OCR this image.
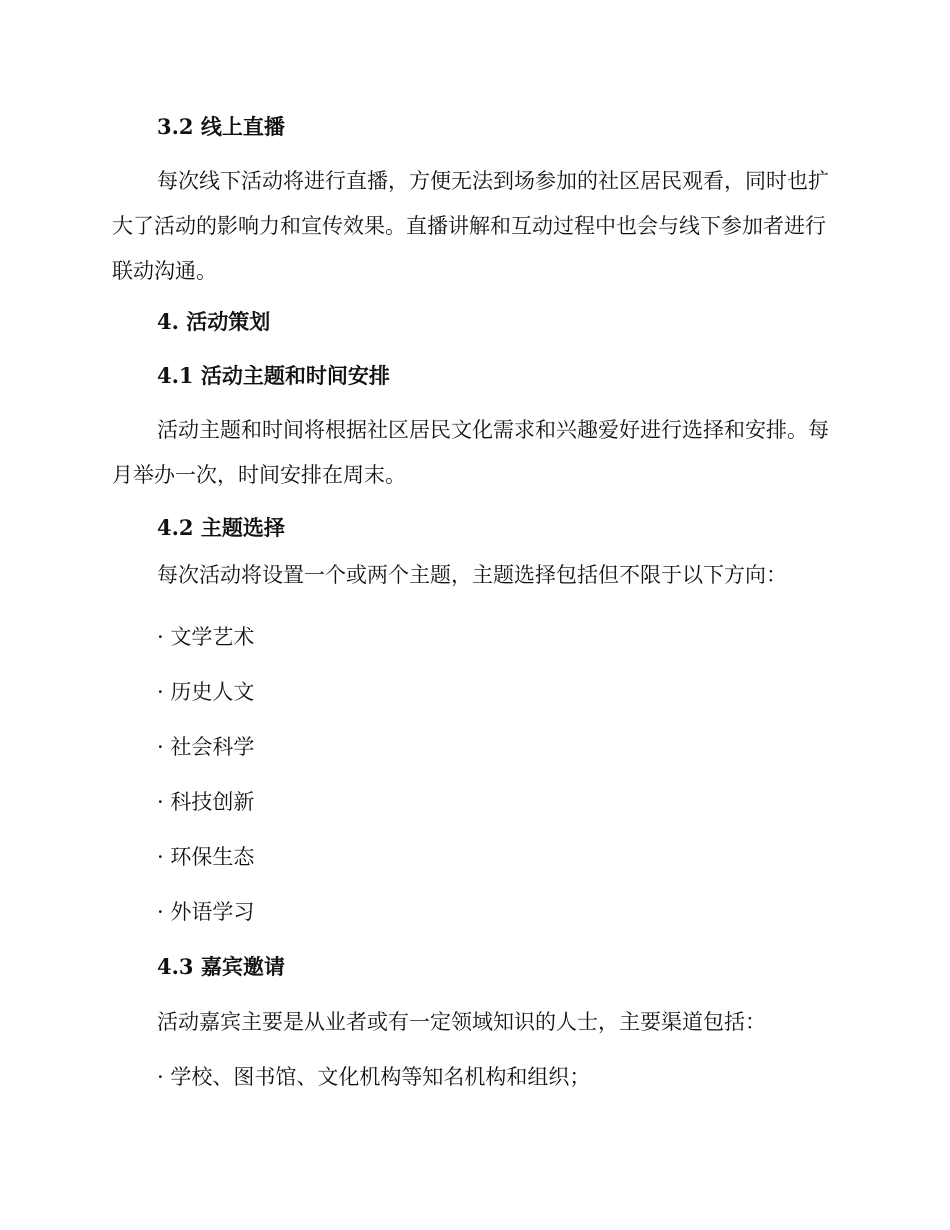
3.2 线上直播

每次线下活动将进行直播，方便无法到场参加的社区居民观看，同时也扩大了活动的影响力和宣传效果。直播讲解和互动过程中也会与线下参加者进行联动沟通。

4. 活动策划
4.1 活动主题和时间安排

活动主题和时间将根据社区居民文化需求和兴趣爱好进行选择和安排。每月举办一次，时间安排在周末。

4.2 主题选择
每次活动将设置一个或两个主题，主题选择包括但不限于以下方向：
· 文学艺术
· 历史人文
· 社会科学
· 科技创新
· 环保生态
· 外语学习
4.3 嘉宾邀请
活动嘉宾主要是从业者或有一定领域知识的人士，主要渠道包括：
· 学校、图书馆、文化机构等知名机构和组织；
